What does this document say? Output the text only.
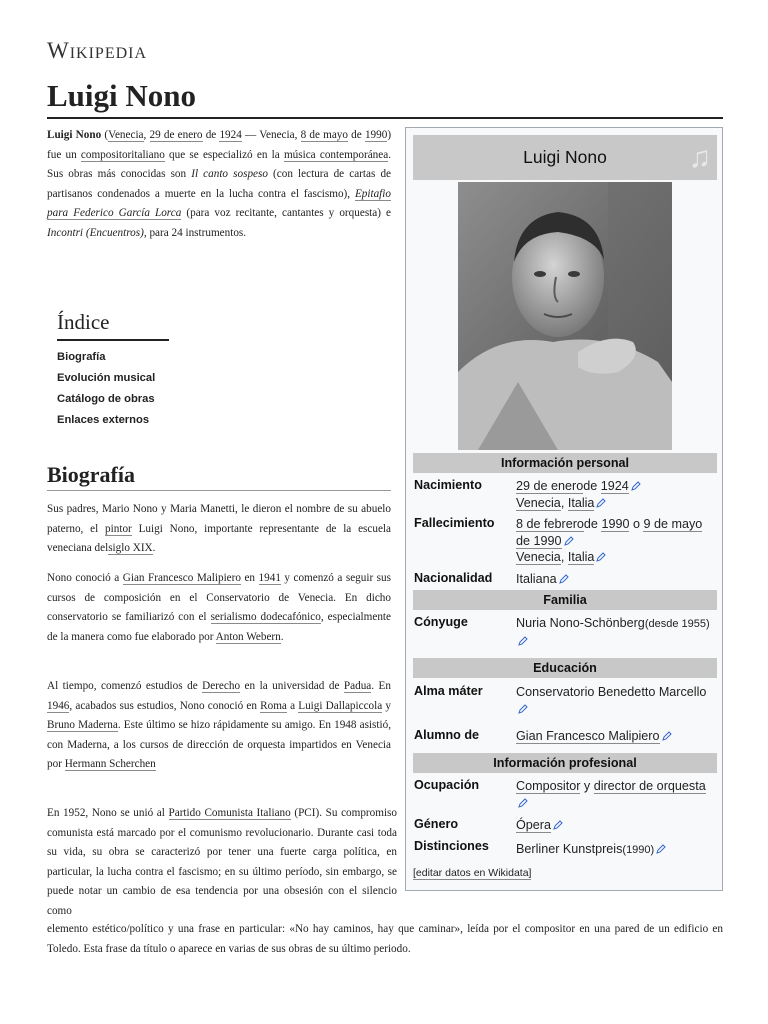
Wikipedia
Luigi Nono

Luigi Nono (Venecia, 29 de enero de 1924 — Venecia, 8 de mayo de 1990) fue un compositoritaliano que se especializó en la música contemporánea. Sus obras más conocidas son Il canto sospeso (con lectura de cartas de partisanos condenados a muerte en la lucha contra el fascismo), Epitafio para Federico García Lorca (para voz recitante, cantantes y orquesta) e Incontri (Encuentros), para 24 instrumentos.

Índice
Biografía
Evolución musical
Catálogo de obras
Enlaces externos
Biografía

Sus padres, Mario Nono y Maria Manetti, le dieron el nombre de su abuelo paterno, el pintor Luigi Nono, importante representante de la escuela veneciana delsiglo XIX.

Nono conoció a Gian Francesco Malipiero en 1941 y comenzó a seguir sus cursos de composición en el Conservatorio de Venecia. En dicho conservatorio se familiarizó con el serialismo dodecafónico, especialmente de la manera como fue elaborado por Anton Webern.

Al tiempo, comenzó estudios de Derecho en la universidad de Padua. En 1946, acabados sus estudios, Nono conoció en Roma a Luigi Dallapiccola y Bruno Maderna. Este último se hizo rápidamente su amigo. En 1948 asistió, con Maderna, a los cursos de dirección de orquesta impartidos en Venecia por Hermann Scherchen

En 1952, Nono se unió al Partido Comunista Italiano (PCI). Su compromiso comunista está marcado por el comunismo revolucionario. Durante casi toda su vida, su obra se caracterizó por tener una fuerte carga política, en particular, la lucha contra el fascismo; en su último período, sin embargo, se puede notar un cambio de esa tendencia por una obsesión con el silencio como

elemento estético/político y una frase en particular: «No hay caminos, hay que caminar», leída por el compositor en una pared de un edificio en Toledo. Esta frase da título o aparece en varias de sus obras de su último periodo.

Luigi Nono	♫
Información personal
Nacimiento	29 de enerode 1924
Venecia, Italia
Fallecimiento 8 de febrerode 1990 o 9 de mayo de 1990
Venecia, Italia
Nacionalidad Italiana
Familia
Cónyuge	Nuria Nono-Schönberg(desde 1955)
Educación
Alma máter	Conservatorio Benedetto Marcello
Alumno de	Gian Francesco Malipiero
Información profesional
Ocupación	Compositor y director de orquesta
Género	Ópera
Distinciones Berliner Kunstpreis(1990)
[editar datos en Wikidata]
